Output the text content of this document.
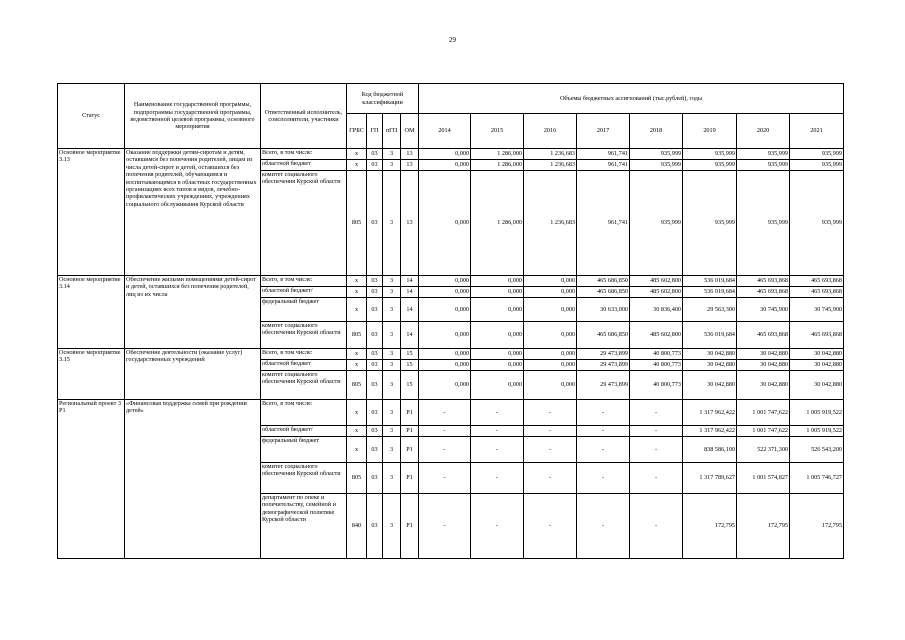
29
Статус	Наименование государственной программы, подпрограммы государственной программы, ведомственной целевой программы, основного мероприятия	Ответственный исполнитель, соисполнители, участники	Код бюджетной классификации				Объемы бюджетных ассигнований (тыс.рублей), годы							
			ГРБС	ГП	пГП	ОМ	2014	2015	2016	2017	2018	2019	2020	2021
Основное мероприятие 3.13	Оказание поддержки детям-сиротам и детям, оставшимся без попечения родителей, лицам из числа детей-сирот и детей, оставшихся без попечения родителей, обучающимся и воспитывающимся в областных государственных организациях всех типов и видов, лечебно-профилактических учреждениях, учреждениях социального обслуживания Курской области	Всего, в том числе:	х	03	3	13	0,000	1 286,000	1 236,683	961,741	935,999	935,999	935,999	935,999
		областной бюджет	х	03	3	13	0,000	1 286,000	1 236,683	961,741	935,999	935,999	935,999	935,999
		комитет социального обеспечения Курской области	805	03	3	13	0,000	1 286,000	1 236,683	961,741	935,999	935,999	935,999	935,999
Основное мероприятие 3.14	Обеспечение жилыми помещениями детей-сирот и детей, оставшихся без попечения родителей, лиц из их числа	Всего, в том числе:	х	03	3	14	0,000	0,000	0,000	465 686,850	485 602,800	536 019,684	465 693,868	465 693,868
		областной бюджет/	х	03	3	14	0,000	0,000	0,000	465 686,850	485 602,800	536 019,684	465 693,868	465 693,868
		федеральный бюджет	х	03	3	14	0,000	0,000	0,000	30 633,000	30 836,400	29 563,300	30 745,900	30 745,900
		комитет социального обеспечения Курской области	805	03	3	14	0,000	0,000	0,000	465 686,850	485 602,800	536 019,684	465 693,868	465 693,868
Основное мероприятие 3.15	Обеспечение деятельности (оказание услуг) государственных учреждений	Всего, в том числе:	х	03	3	15	0,000	0,000	0,000	29 473,899	40 800,773	30 042,880	30 042,880	30 042,880
		областной бюджет	х	03	3	15	0,000	0,000	0,000	29 473,899	40 800,773	30 042,880	30 042,880	30 042,880
		комитет социального обеспечения Курской области	805	03	3	15	0,000	0,000	0,000	29 473,899	40 800,773	30 042,880	30 042,880	30 042,880
Региональный проект 3 Р1	«Финансовая поддержка семей при рождении детей»	Всего, в том числе:	х	03	3	Р1	-	-	-	-	-	1 317 962,422	1 001 747,622	1 005 919,522
		областной бюджет/	х	03	3	Р1	-	-	-	-	-	1 317 962,422	1 001 747,622	1 005 919,522
		федеральный бюджет	х	03	3	Р1	-	-	-	-	-	838 586,100	522 371,300	526 543,200
		комитет социального обеспечения Курской области	805	03	3	Р1	-	-	-	-	-	1 317 789,627	1 001 574,827	1 005 746,727
		департамент по опеке и попечительству, семейной и демографической политике Курской области	840	03	3	Р1	-	-	-	-	-	172,795	172,795	172,795
